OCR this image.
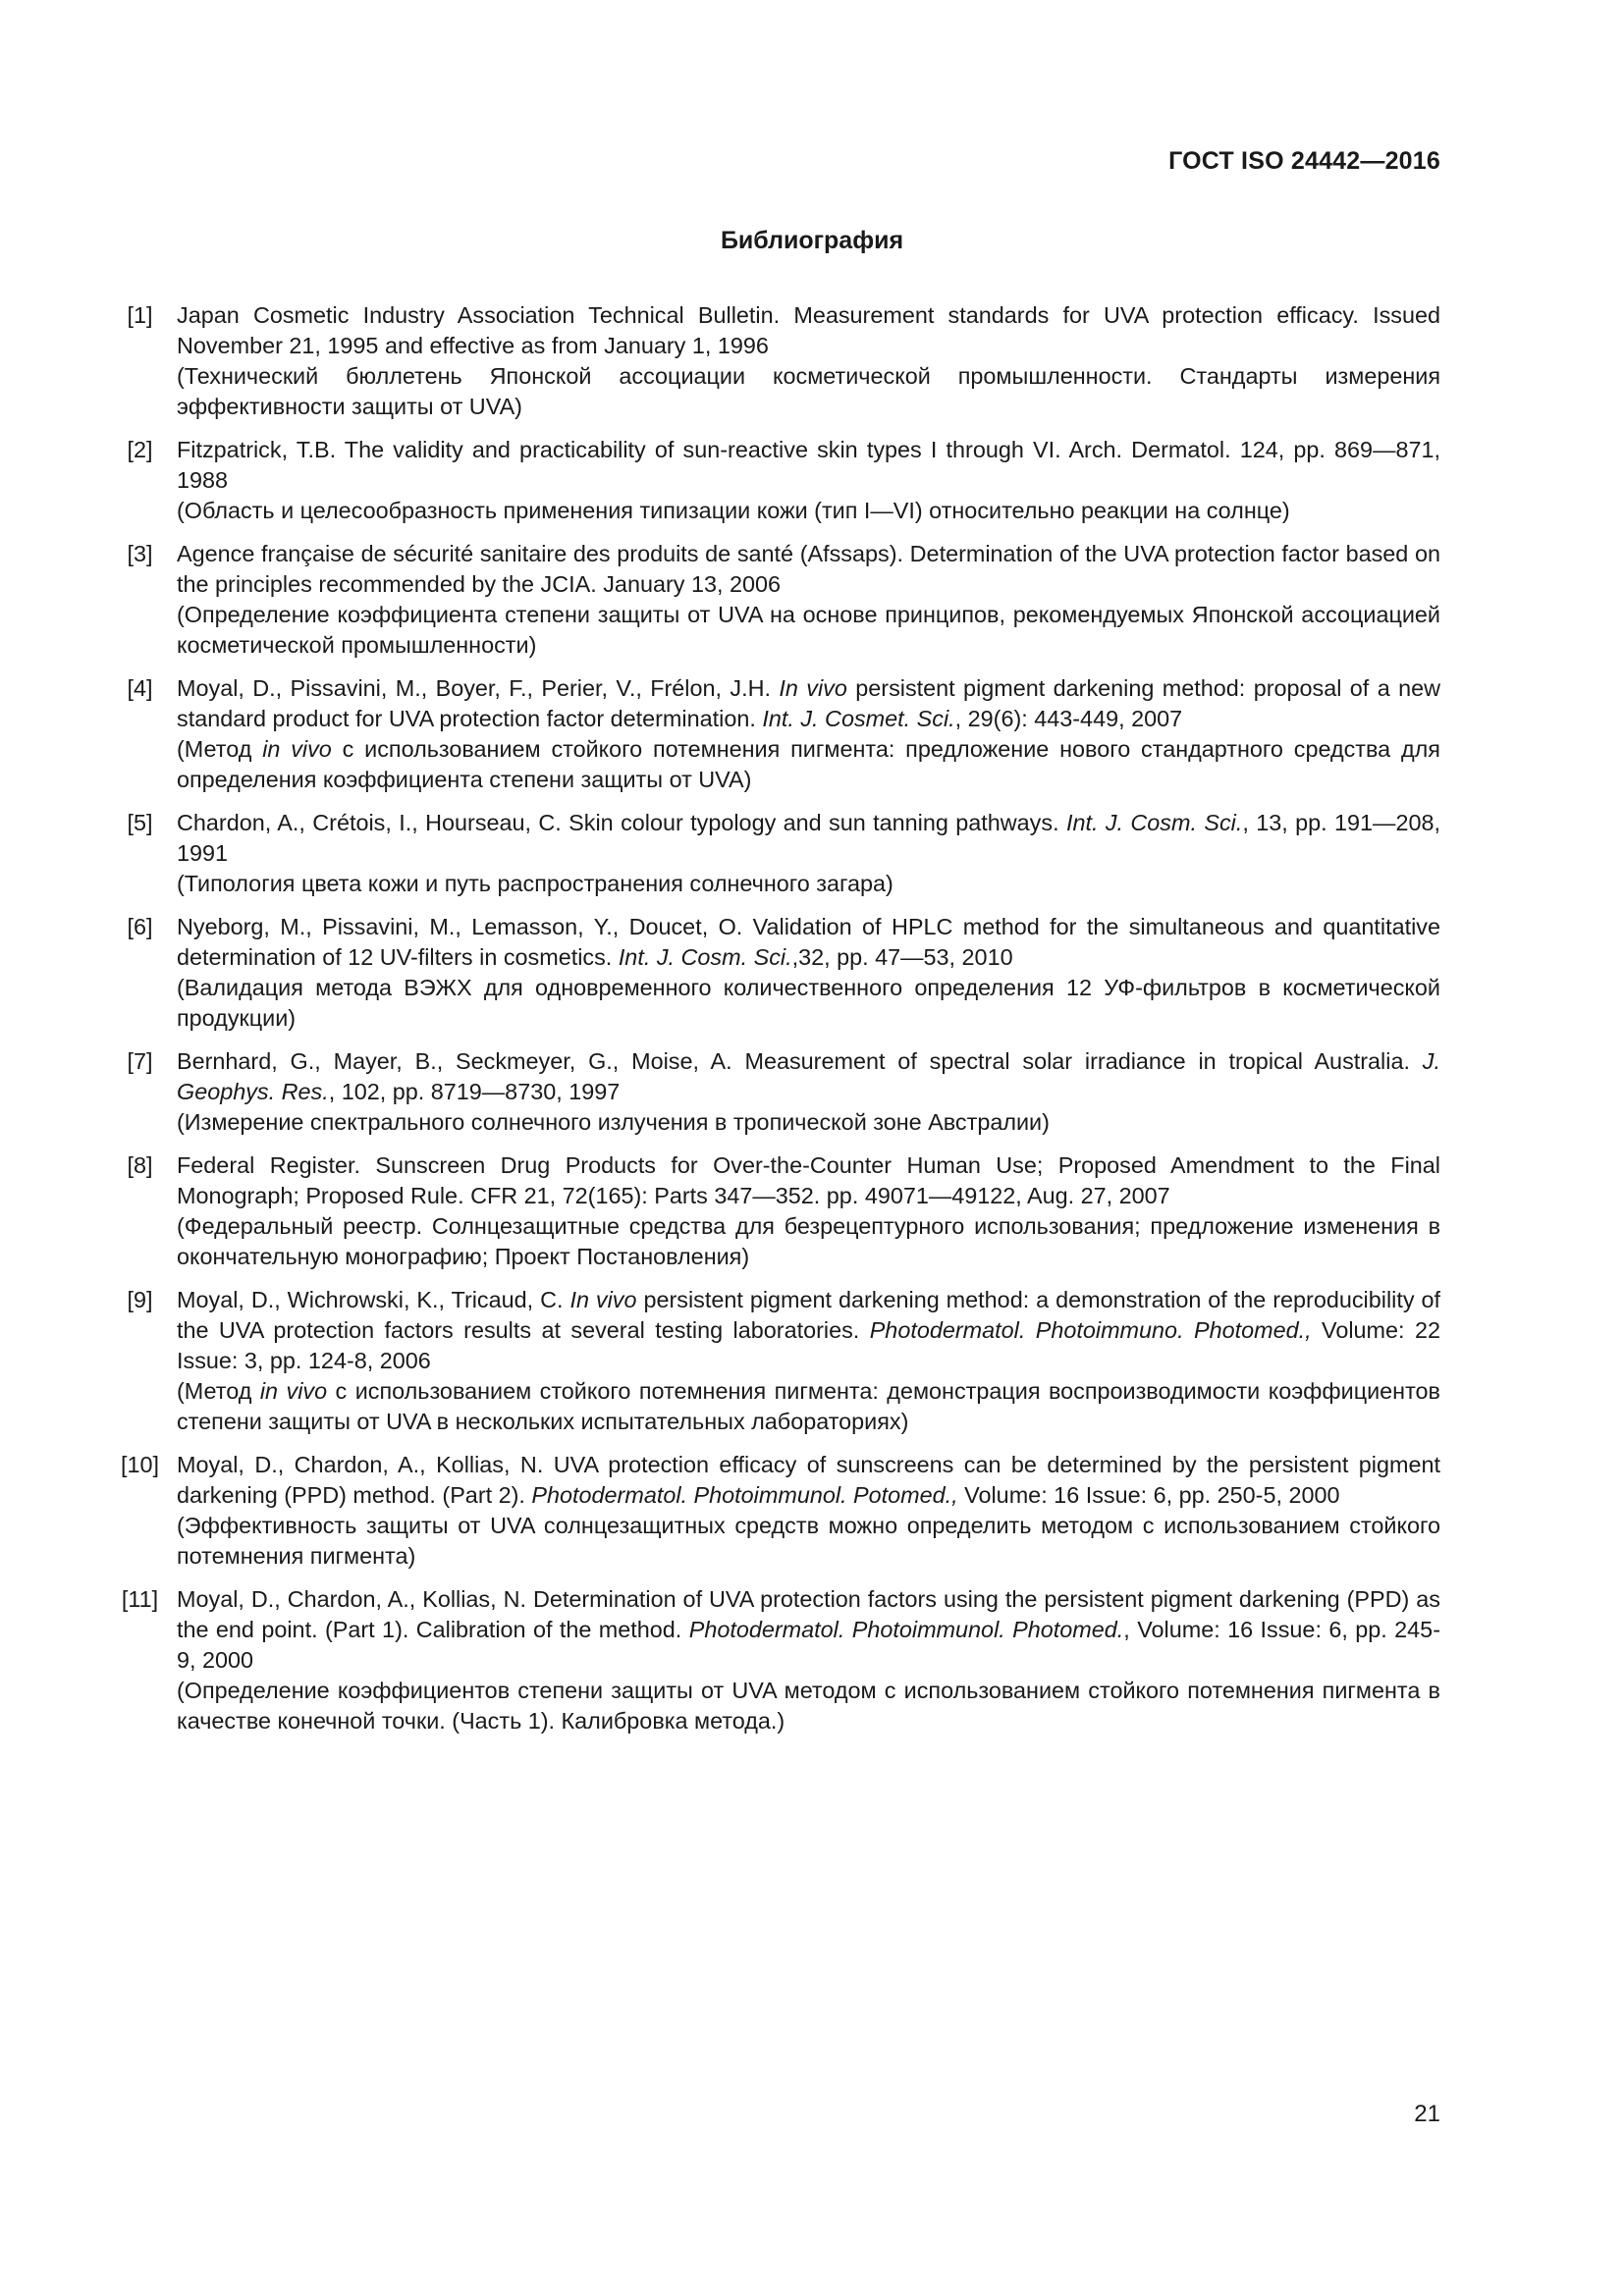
ГОСТ ISO 24442—2016
Библиография
[1]	Japan Cosmetic Industry Association Technical Bulletin. Measurement standards for UVA protection efficacy. Issued November 21, 1995 and effective as from January 1, 1996
(Технический бюллетень Японской ассоциации косметической промышленности. Стандарты измерения эффективности защиты от UVA)
[2]	Fitzpatrick, T.B. The validity and practicability of sun-reactive skin types I through VI. Arch. Dermatol. 124, pp. 869—871, 1988
(Область и целесообразность применения типизации кожи (тип I—VI) относительно реакции на солнце)
[3]	Agence française de sécurité sanitaire des produits de santé (Afssaps). Determination of the UVA protection factor based on the principles recommended by the JCIA. January 13, 2006
(Определение коэффициента степени защиты от UVA на основе принципов, рекомендуемых Японской ассоциацией косметической промышленности)
[4]	Moyal, D., Pissavini, M., Boyer, F., Perier, V., Frélon, J.H. In vivo persistent pigment darkening method: proposal of a new standard product for UVA protection factor determination. Int. J. Cosmet. Sci., 29(6): 443-449, 2007
(Метод in vivo с использованием стойкого потемнения пигмента: предложение нового стандартного средства для определения коэффициента степени защиты от UVA)
[5]	Chardon, A., Crétois, I., Hourseau, C. Skin colour typology and sun tanning pathways. Int. J. Cosm. Sci., 13, pp. 191—208, 1991
(Типология цвета кожи и путь распространения солнечного загара)
[6]	Nyeborg, M., Pissavini, M., Lemasson, Y., Doucet, O. Validation of HPLC method for the simultaneous and quantitative determination of 12 UV-filters in cosmetics. Int. J. Cosm. Sci.,32, pp. 47—53, 2010
(Валидация метода ВЭЖХ для одновременного количественного определения 12 УФ-фильтров в косметической продукции)
[7]	Bernhard, G., Mayer, B., Seckmeyer, G., Moise, A. Measurement of spectral solar irradiance in tropical Australia. J. Geophys. Res., 102, pp. 8719—8730, 1997
(Измерение спектрального солнечного излучения в тропической зоне Австралии)
[8]	Federal Register. Sunscreen Drug Products for Over-the-Counter Human Use; Proposed Amendment to the Final Monograph; Proposed Rule. CFR 21, 72(165): Parts 347—352. pp. 49071—49122, Aug. 27, 2007
(Федеральный реестр. Солнцезащитные средства для безрецептурного использования; предложение изменения в окончательную монографию; Проект Постановления)
[9]	Moyal, D., Wichrowski, K., Tricaud, C. In vivo persistent pigment darkening method: a demonstration of the reproducibility of the UVA protection factors results at several testing laboratories. Photodermatol. Photoimmuno. Photomed., Volume: 22 Issue: 3, pp. 124-8, 2006
(Метод in vivo с использованием стойкого потемнения пигмента: демонстрация воспроизводимости коэффициентов степени защиты от UVA в нескольких испытательных лабораториях)
[10] Moyal, D., Chardon, A., Kollias, N. UVA protection efficacy of sunscreens can be determined by the persistent pigment darkening (PPD) method. (Part 2). Photodermatol. Photoimmunol. Potomed., Volume: 16 Issue: 6, pp. 250-5, 2000
(Эффективность защиты от UVA солнцезащитных средств можно определить методом с использованием стойкого потемнения пигмента)
[11] Moyal, D., Chardon, A., Kollias, N. Determination of UVA protection factors using the persistent pigment darkening (PPD) as the end point. (Part 1). Calibration of the method. Photodermatol. Photoimmunol. Photomed., Volume: 16 Issue: 6, pp. 245-9, 2000
(Определение коэффициентов степени защиты от UVA методом с использованием стойкого потемнения пигмента в качестве конечной точки. (Часть 1). Калибровка метода.)
21
